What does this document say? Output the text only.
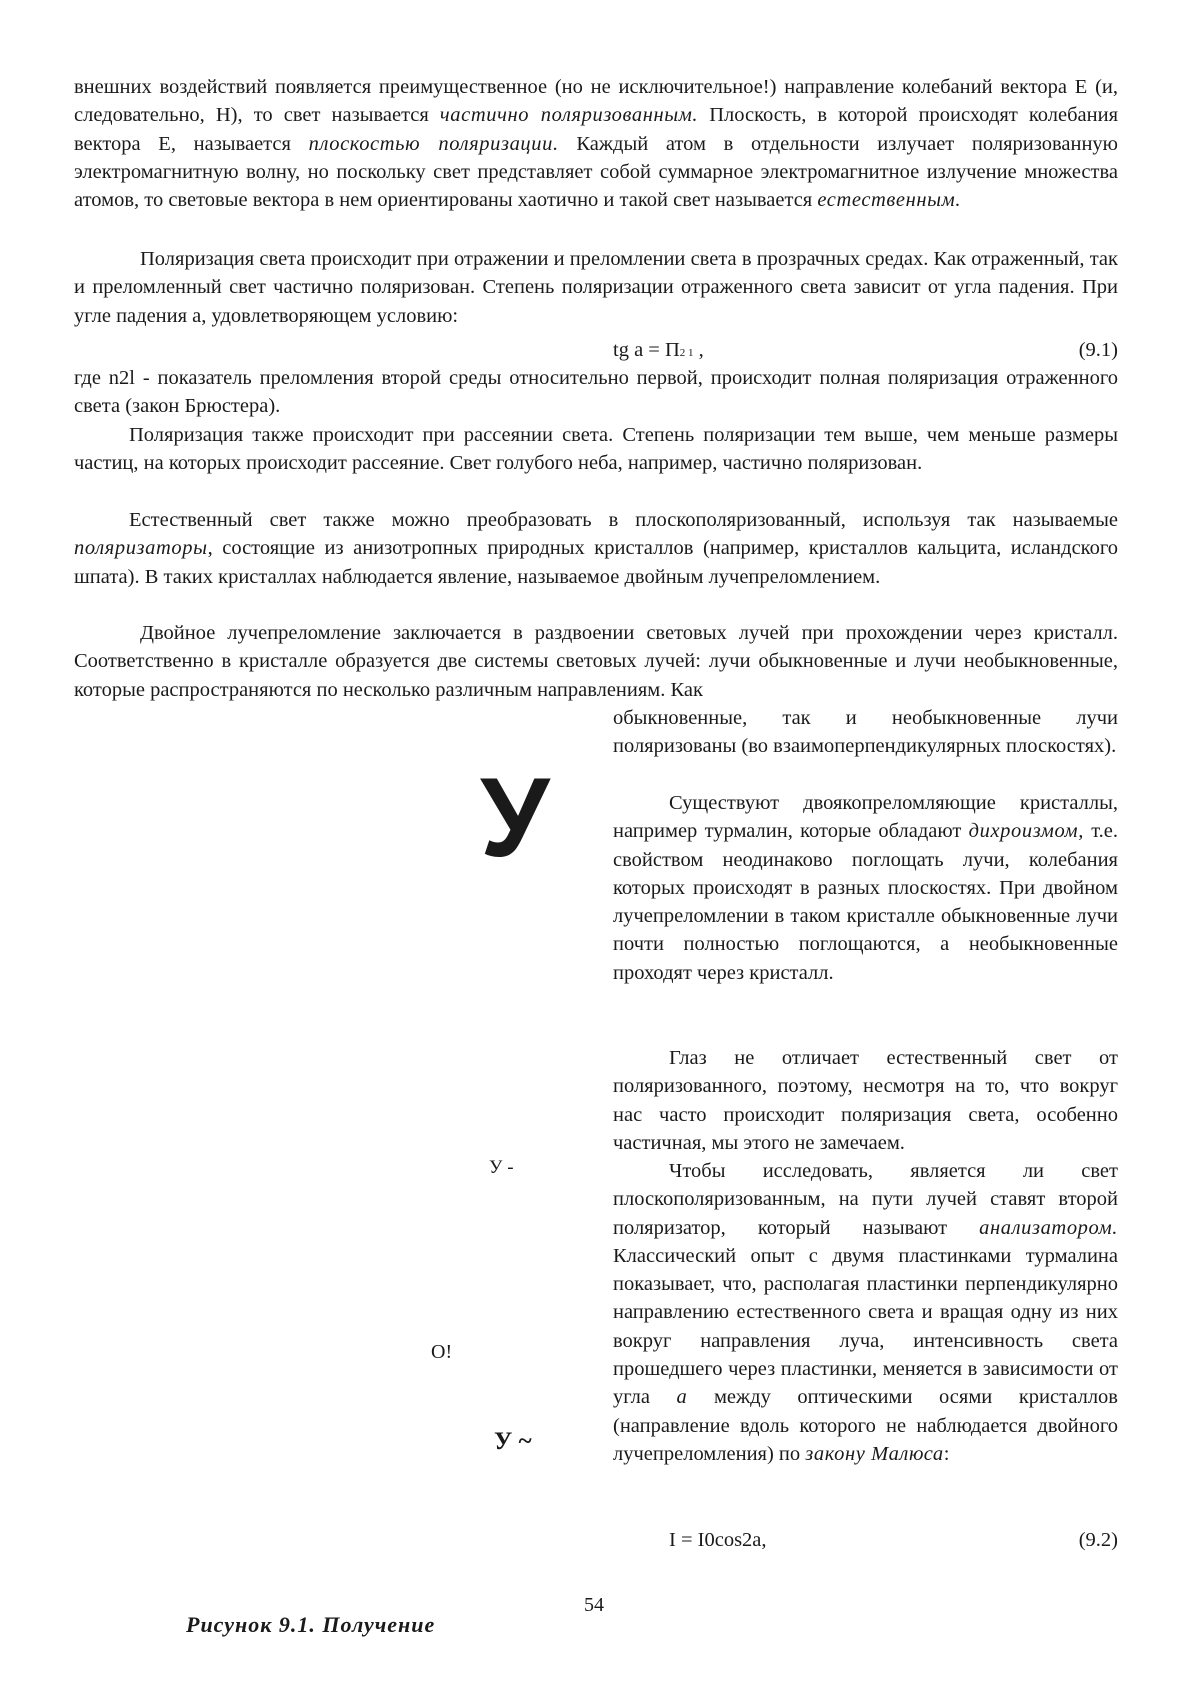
внешних воздействий появляется преимущественное (но не исключительное!) направление колебаний вектора Е (и, следовательно, Н), то свет называется частично поляризованным. Плоскость, в которой происходят колебания вектора Е, называется плоскостью поляризации. Каждый атом в отдельности излучает поляризованную электромагнитную волну, но поскольку свет представляет собой суммарное электромагнитное излучение множества атомов, то световые вектора в нем ориентированы хаотично и такой свет называется естественным.

Поляризация света происходит при отражении и преломлении света в прозрачных средах. Как отраженный, так и преломленный свет частично поляризован. Степень поляризации отраженного света зависит от угла падения. При угле падения а, удовлетворяющем условию:

tg а = П2 1 ,	(9.1)

где n2l - показатель преломления второй среды относительно первой, происходит полная поляризация отраженного света (закон Брюстера).

Поляризация также происходит при рассеянии света. Степень поляризации тем выше, чем меньше размеры частиц, на которых происходит рассеяние. Свет голубого неба, например, частично поляризован.

Естественный свет также можно преобразовать в плоскополяризованный, используя так называемые поляризаторы, состоящие из анизотропных природных кристаллов (например, кристаллов кальцита, исландского шпата). В таких кристаллах наблюдается явление, называемое двойным лучепреломлением.

Двойное лучепреломление заключается в раздвоении световых лучей при прохождении через кристалл. Соответственно в кристалле образуется две системы световых лучей: лучи обыкновенные и лучи необыкновенные, которые распространяются по несколько различным направлениям. Как

обыкновенные, так и необыкновенные лучи поляризованы (во взаимоперпендикулярных плоскостях).

Существуют двоякопреломляющие кристаллы, например турмалин, которые обладают дихроизмом, т.е. свойством неодинаково поглощать лучи, колебания которых происходят в разных плоскостях. При двойном лучепреломлении в таком кристалле обыкновенные лучи почти полностью поглощаются, а необыкновенные проходят через кристалл.

Глаз не отличает естественный свет от поляризованного, поэтому, несмотря на то, что вокруг нас часто происходит поляризация света, особенно частичная, мы этого не замечаем.

Чтобы исследовать, является ли свет плоскополяризованным, на пути лучей ставят второй поляризатор, который называют анализатором. Классический опыт с двумя пластинками турмалина показывает, что, располагая пластинки перпендикулярно направлению естественного света и вращая одну из них вокруг направления луча, интенсивность света прошедшего через пластинки, меняется в зависимости от угла а между оптическими осями кристаллов (направление вдоль которого не наблюдается двойного лучепреломления) по закону Малюса:

I = I0cos2a,	(9.2)
У
У -
О!
У ~
54
Рисунок 9.1. Получение
